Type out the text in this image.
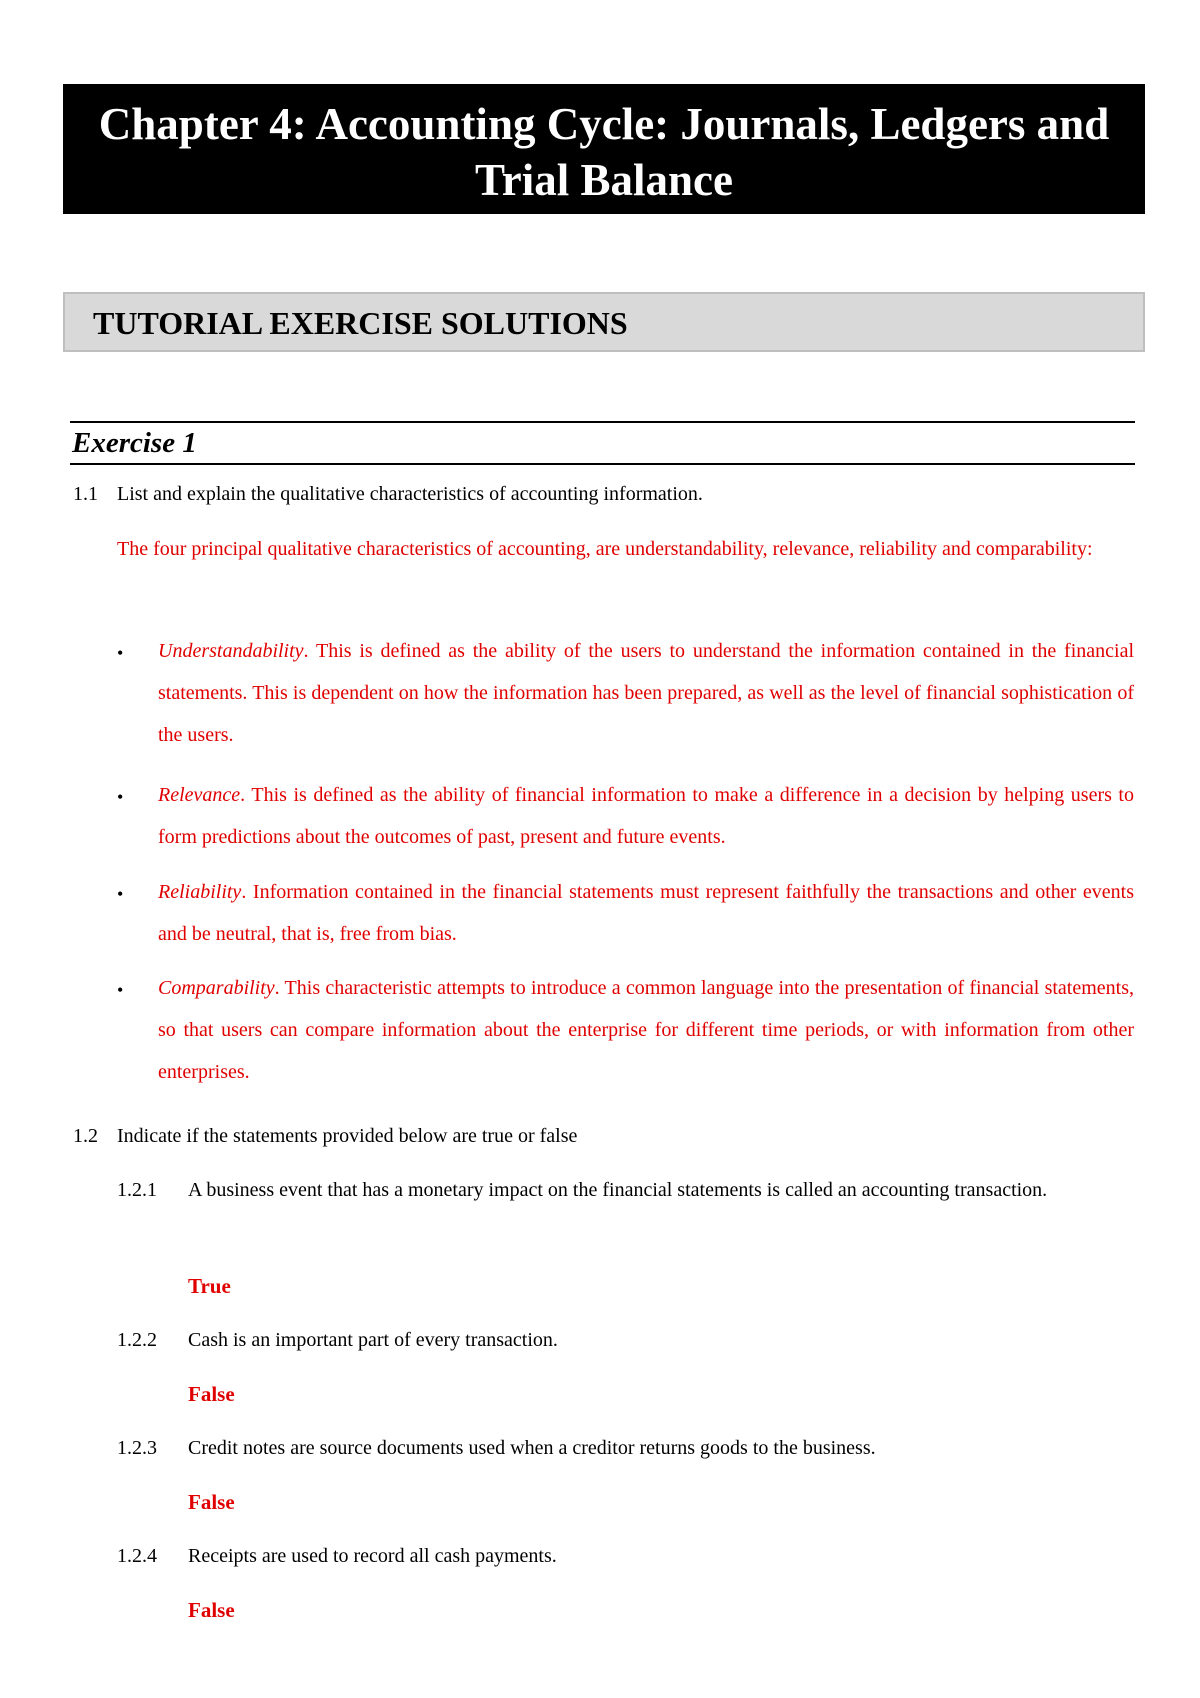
Chapter 4: Accounting Cycle: Journals, Ledgers and Trial Balance
TUTORIAL EXERCISE SOLUTIONS
Exercise 1
1.1 List and explain the qualitative characteristics of accounting information.
The four principal qualitative characteristics of accounting, are understandability, relevance, reliability and comparability:
• Understandability. This is defined as the ability of the users to understand the information contained in the financial statements. This is dependent on how the information has been prepared, as well as the level of financial sophistication of the users.
• Relevance. This is defined as the ability of financial information to make a difference in a decision by helping users to form predictions about the outcomes of past, present and future events.
• Reliability. Information contained in the financial statements must represent faithfully the transactions and other events and be neutral, that is, free from bias.
• Comparability. This characteristic attempts to introduce a common language into the presentation of financial statements, so that users can compare information about the enterprise for different time periods, or with information from other enterprises.
1.2 Indicate if the statements provided below are true or false
1.2.1 A business event that has a monetary impact on the financial statements is called an accounting transaction.
True
1.2.2 Cash is an important part of every transaction.
False
1.2.3 Credit notes are source documents used when a creditor returns goods to the business.
False
1.2.4 Receipts are used to record all cash payments.
False
